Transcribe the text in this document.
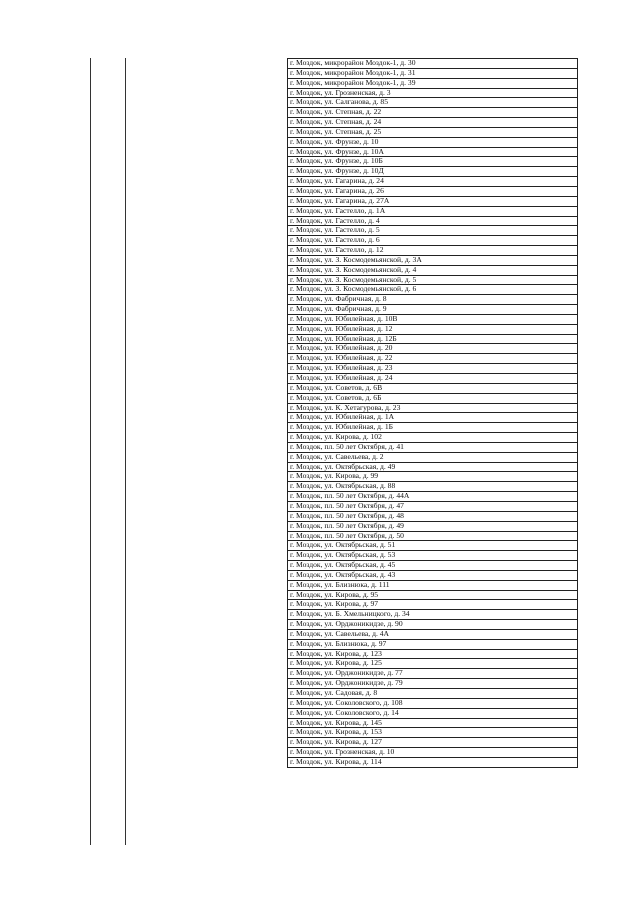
г. Моздок, микрорайон Моздок-1, д. 30
г. Моздок, микрорайон Моздок-1, д. 31
г. Моздок, микрорайон Моздок-1, д. 39
г. Моздок, ул. Грозненская, д. 3
г. Моздок, ул. Салганова, д. 85
г. Моздок, ул. Степная, д. 22
г. Моздок, ул. Степная, д. 24
г. Моздок, ул. Степная, д. 25
г. Моздок, ул. Фрунзе, д. 10
г. Моздок, ул. Фрунзе, д. 10А
г. Моздок, ул. Фрунзе, д. 10Б
г. Моздок, ул. Фрунзе, д. 10Д
г. Моздок, ул. Гагарина, д. 24
г. Моздок, ул. Гагарина, д. 26
г. Моздок, ул. Гагарина, д. 27А
г. Моздок, ул. Гастелло, д. 1А
г. Моздок, ул. Гастелло, д. 4
г. Моздок, ул. Гастелло, д. 5
г. Моздок, ул. Гастелло, д. 6
г. Моздок, ул. Гастелло, д. 12
г. Моздок, ул. З. Космодемьянской, д. 3А
г. Моздок, ул. З. Космодемьянской, д. 4
г. Моздок, ул. З. Космодемьянской, д. 5
г. Моздок, ул. З. Космодемьянской, д. 6
г. Моздок, ул. Фабричная, д. 8
г. Моздок, ул. Фабричная, д. 9
г. Моздок, ул. Юбилейная, д. 10В
г. Моздок, ул. Юбилейная, д. 12
г. Моздок, ул. Юбилейная, д. 12Б
г. Моздок, ул. Юбилейная, д. 20
г. Моздок, ул. Юбилейная, д. 22
г. Моздок, ул. Юбилейная, д. 23
г. Моздок, ул. Юбилейная, д. 24
г. Моздок, ул. Советов, д. 6В
г. Моздок, ул. Советов, д. 6Б
г. Моздок, ул. К. Хетагурова, д. 23
г. Моздок, ул. Юбилейная, д. 1А
г. Моздок, ул. Юбилейная, д. 1Б
г. Моздок, ул. Кирова, д. 102
г. Моздок, пл. 50 лет Октября, д. 41
г. Моздок, ул. Савельева, д. 2
г. Моздок, ул. Октябрьская, д. 49
г. Моздок, ул. Кирова, д. 99
г. Моздок, ул. Октябрьская, д. 88
г. Моздок, пл. 50 лет Октября, д. 44А
г. Моздок, пл. 50 лет Октября, д. 47
г. Моздок, пл. 50 лет Октября, д. 48
г. Моздок, пл. 50 лет Октября, д. 49
г. Моздок, пл. 50 лет Октября, д. 50
г. Моздок, ул. Октябрьская, д. 51
г. Моздок, ул. Октябрьская, д. 53
г. Моздок, ул. Октябрьская, д. 45
г. Моздок, ул. Октябрьская, д. 43
г. Моздок, ул. Близнюка, д. 111
г. Моздок, ул. Кирова, д. 95
г. Моздок, ул. Кирова, д. 97
г. Моздок, ул. Б. Хмельницкого, д. 34
г. Моздок, ул. Орджоникидзе, д. 90
г. Моздок, ул. Савельева, д. 4А
г. Моздок, ул. Близнюка, д. 97
г. Моздок, ул. Кирова, д. 123
г. Моздок, ул. Кирова, д. 125
г. Моздок, ул. Орджоникидзе, д. 77
г. Моздок, ул. Орджоникидзе, д. 79
г. Моздок, ул. Садовая, д. 8
г. Моздок, ул. Соколовского, д. 108
г. Моздок, ул. Соколовского, д. 14
г. Моздок, ул. Кирова, д. 145
г. Моздок, ул. Кирова, д. 153
г. Моздок, ул. Кирова, д. 127
г. Моздок, ул. Грозненская, д. 10
г. Моздок, ул. Кирова, д. 114
